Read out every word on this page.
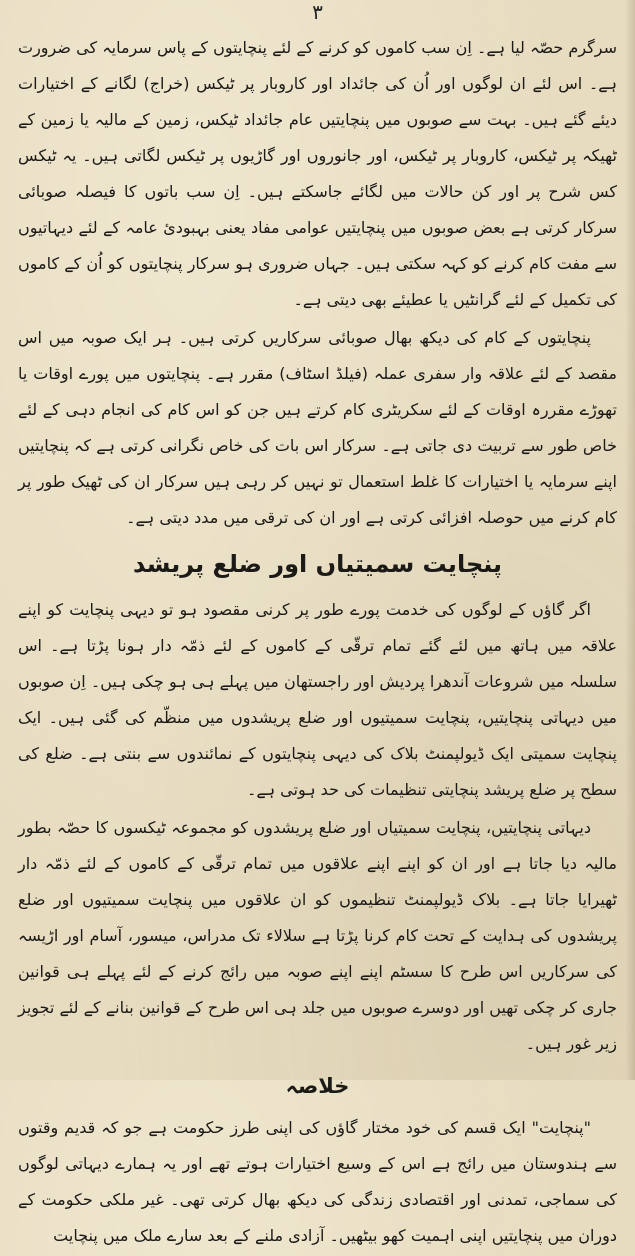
۳

سرگرم حصّہ لیا ہے۔ اِن سب کاموں کو کرنے کے لئے پنچایتوں کے پاس سرمایہ کی ضرورت ہے۔ اس لئے ان لوگوں اور اُن کی جائداد اور کاروبار پر ٹیکس (خراج) لگانے کے اختیارات دیئے گئے ہیں۔ بہت سے صوبوں میں پنچایتیں عام جائداد ٹیکس، زمین کے مالیہ یا زمین کے ٹھیکہ پر ٹیکس، کاروبار پر ٹیکس، اور جانوروں اور گاڑیوں پر ٹیکس لگاتی ہیں۔ یہ ٹیکس کس شرح پر اور کن حالات میں لگائے جاسکتے ہیں۔ اِن سب باتوں کا فیصلہ صوبائی سرکار کرتی ہے بعض صوبوں میں پنچایتیں عوامی مفاد یعنی بہبودیٔ عامہ کے لئے دیہاتیوں سے مفت کام کرنے کو کہہ سکتی ہیں۔ جہاں ضروری ہو سرکار پنچایتوں کو اُن کے کاموں کی تکمیل کے لئے گرانٹیں یا عطیئے بھی دیتی ہے۔

پنچایتوں کے کام کی دیکھ بھال صوبائی سرکاریں کرتی ہیں۔ ہر ایک صوبہ میں اس مقصد کے لئے علاقہ وار سفری عملہ (فیلڈ اسٹاف) مقرر ہے۔ پنچایتوں میں پورے اوقات یا تھوڑے مقررہ اوقات کے لئے سکریٹری کام کرتے ہیں جن کو اس کام کی انجام دہی کے لئے خاص طور سے تربیت دی جاتی ہے۔ سرکار اس بات کی خاص نگرانی کرتی ہے کہ پنچایتیں اپنے سرمایہ یا اختیارات کا غلط استعمال تو نہیں کر رہی ہیں سرکار ان کی ٹھیک طور پر کام کرنے میں حوصلہ افزائی کرتی ہے اور ان کی ترقی میں مدد دیتی ہے۔

پنچایت سمیتیاں اور ضلع پریشد

اگر گاؤں کے لوگوں کی خدمت پورے طور پر کرنی مقصود ہو تو دیہی پنچایت کو اپنے علاقہ میں ہاتھ میں لئے گئے تمام ترقّی کے کاموں کے لئے ذمّہ دار ہونا پڑتا ہے۔ اس سلسلہ میں شروعات آندھرا پردیش اور راجستھان میں پہلے ہی ہو چکی ہیں۔ اِن صوبوں میں دیہاتی پنچایتیں، پنچایت سمیتیوں اور ضلع پریشدوں میں منظّم کی گئی ہیں۔ ایک پنچایت سمیتی ایک ڈیولپمنٹ بلاک کی دیہی پنچایتوں کے نمائندوں سے بنتی ہے۔ ضلع کی سطح پر ضلع پریشد پنچایتی تنظیمات کی حد ہوتی ہے۔

دیہاتی پنچایتیں، پنچایت سمیتیاں اور ضلع پریشدوں کو مجموعہ ٹیکسوں کا حصّہ بطور مالیہ دیا جاتا ہے اور ان کو اپنے اپنے علاقوں میں تمام ترقّی کے کاموں کے لئے ذمّہ دار ٹھیرایا جاتا ہے۔ بلاک ڈیولپمنٹ تنظیموں کو ان علاقوں میں پنچایت سمیتیوں اور ضلع پریشدوں کی ہدایت کے تحت کام کرنا پڑتا ہے سلالاء تک مدراس، میسور، آسام اور اڑیسہ کی سرکاریں اس طرح کا سسٹم اپنے اپنے صوبہ میں رائج کرنے کے لئے پہلے ہی قوانین جاری کر چکی تھیں اور دوسرے صوبوں میں جلد ہی اس طرح کے قوانین بنانے کے لئے تجویز زیر غور ہیں۔

خلاصہ

"پنچایت" ایک قسم کی خود مختار گاؤں کی اپنی طرز حکومت ہے جو کہ قدیم وقتوں سے ہندوستان میں رائج ہے اس کے وسیع اختیارات ہوتے تھے اور یہ ہمارے دیہاتی لوگوں کی سماجی، تمدنی اور اقتصادی زندگی کی دیکھ بھال کرتی تھی۔ غیر ملکی حکومت کے دوران میں پنچایتیں اپنی اہمیت کھو بیٹھیں۔ آزادی ملنے کے بعد سارے ملک میں پنچایت
